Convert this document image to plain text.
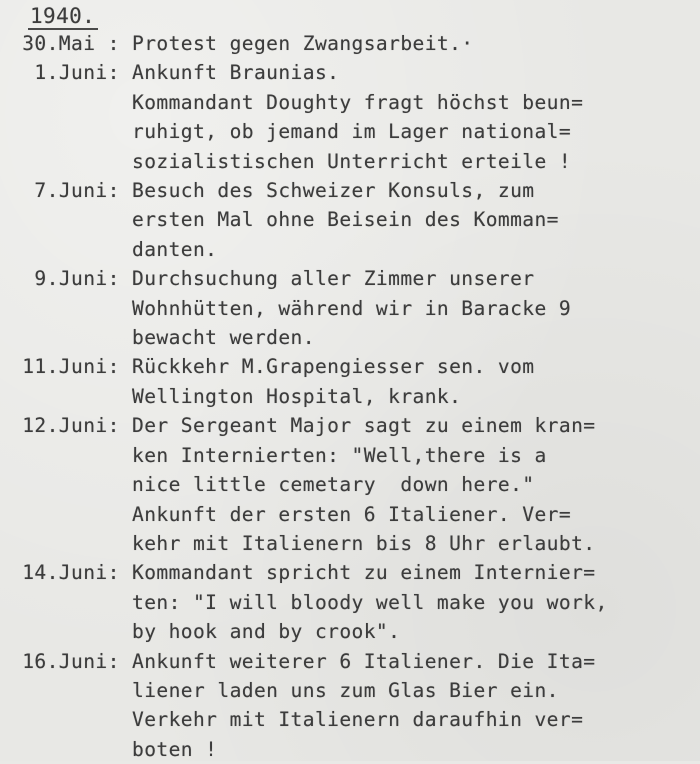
1940.
30.Mai : Protest gegen Zwangsarbeit.·
1.Juni: Ankunft Braunias.
Kommandant Doughty fragt höchst beun=
ruhigt, ob jemand im Lager national=
sozialistischen Unterricht erteile !
7.Juni: Besuch des Schweizer Konsuls, zum
ersten Mal ohne Beisein des Komman=
danten.
9.Juni: Durchsuchung aller Zimmer unserer
Wohnhütten, während wir in Baracke 9
bewacht werden.
11.Juni: Rückkehr M.Grapengiesser sen. vom
Wellington Hospital, krank.
12.Juni: Der Sergeant Major sagt zu einem kran=
ken Internierten: "Well,there is a
nice little cemetary  down here."
Ankunft der ersten 6 Italiener. Ver=
kehr mit Italienern bis 8 Uhr erlaubt.
14.Juni: Kommandant spricht zu einem Internier=
ten: "I will bloody well make you work,
by hook and by crook".
16.Juni: Ankunft weiterer 6 Italiener. Die Ita=
liener laden uns zum Glas Bier ein.
Verkehr mit Italienern daraufhin ver=
boten !
